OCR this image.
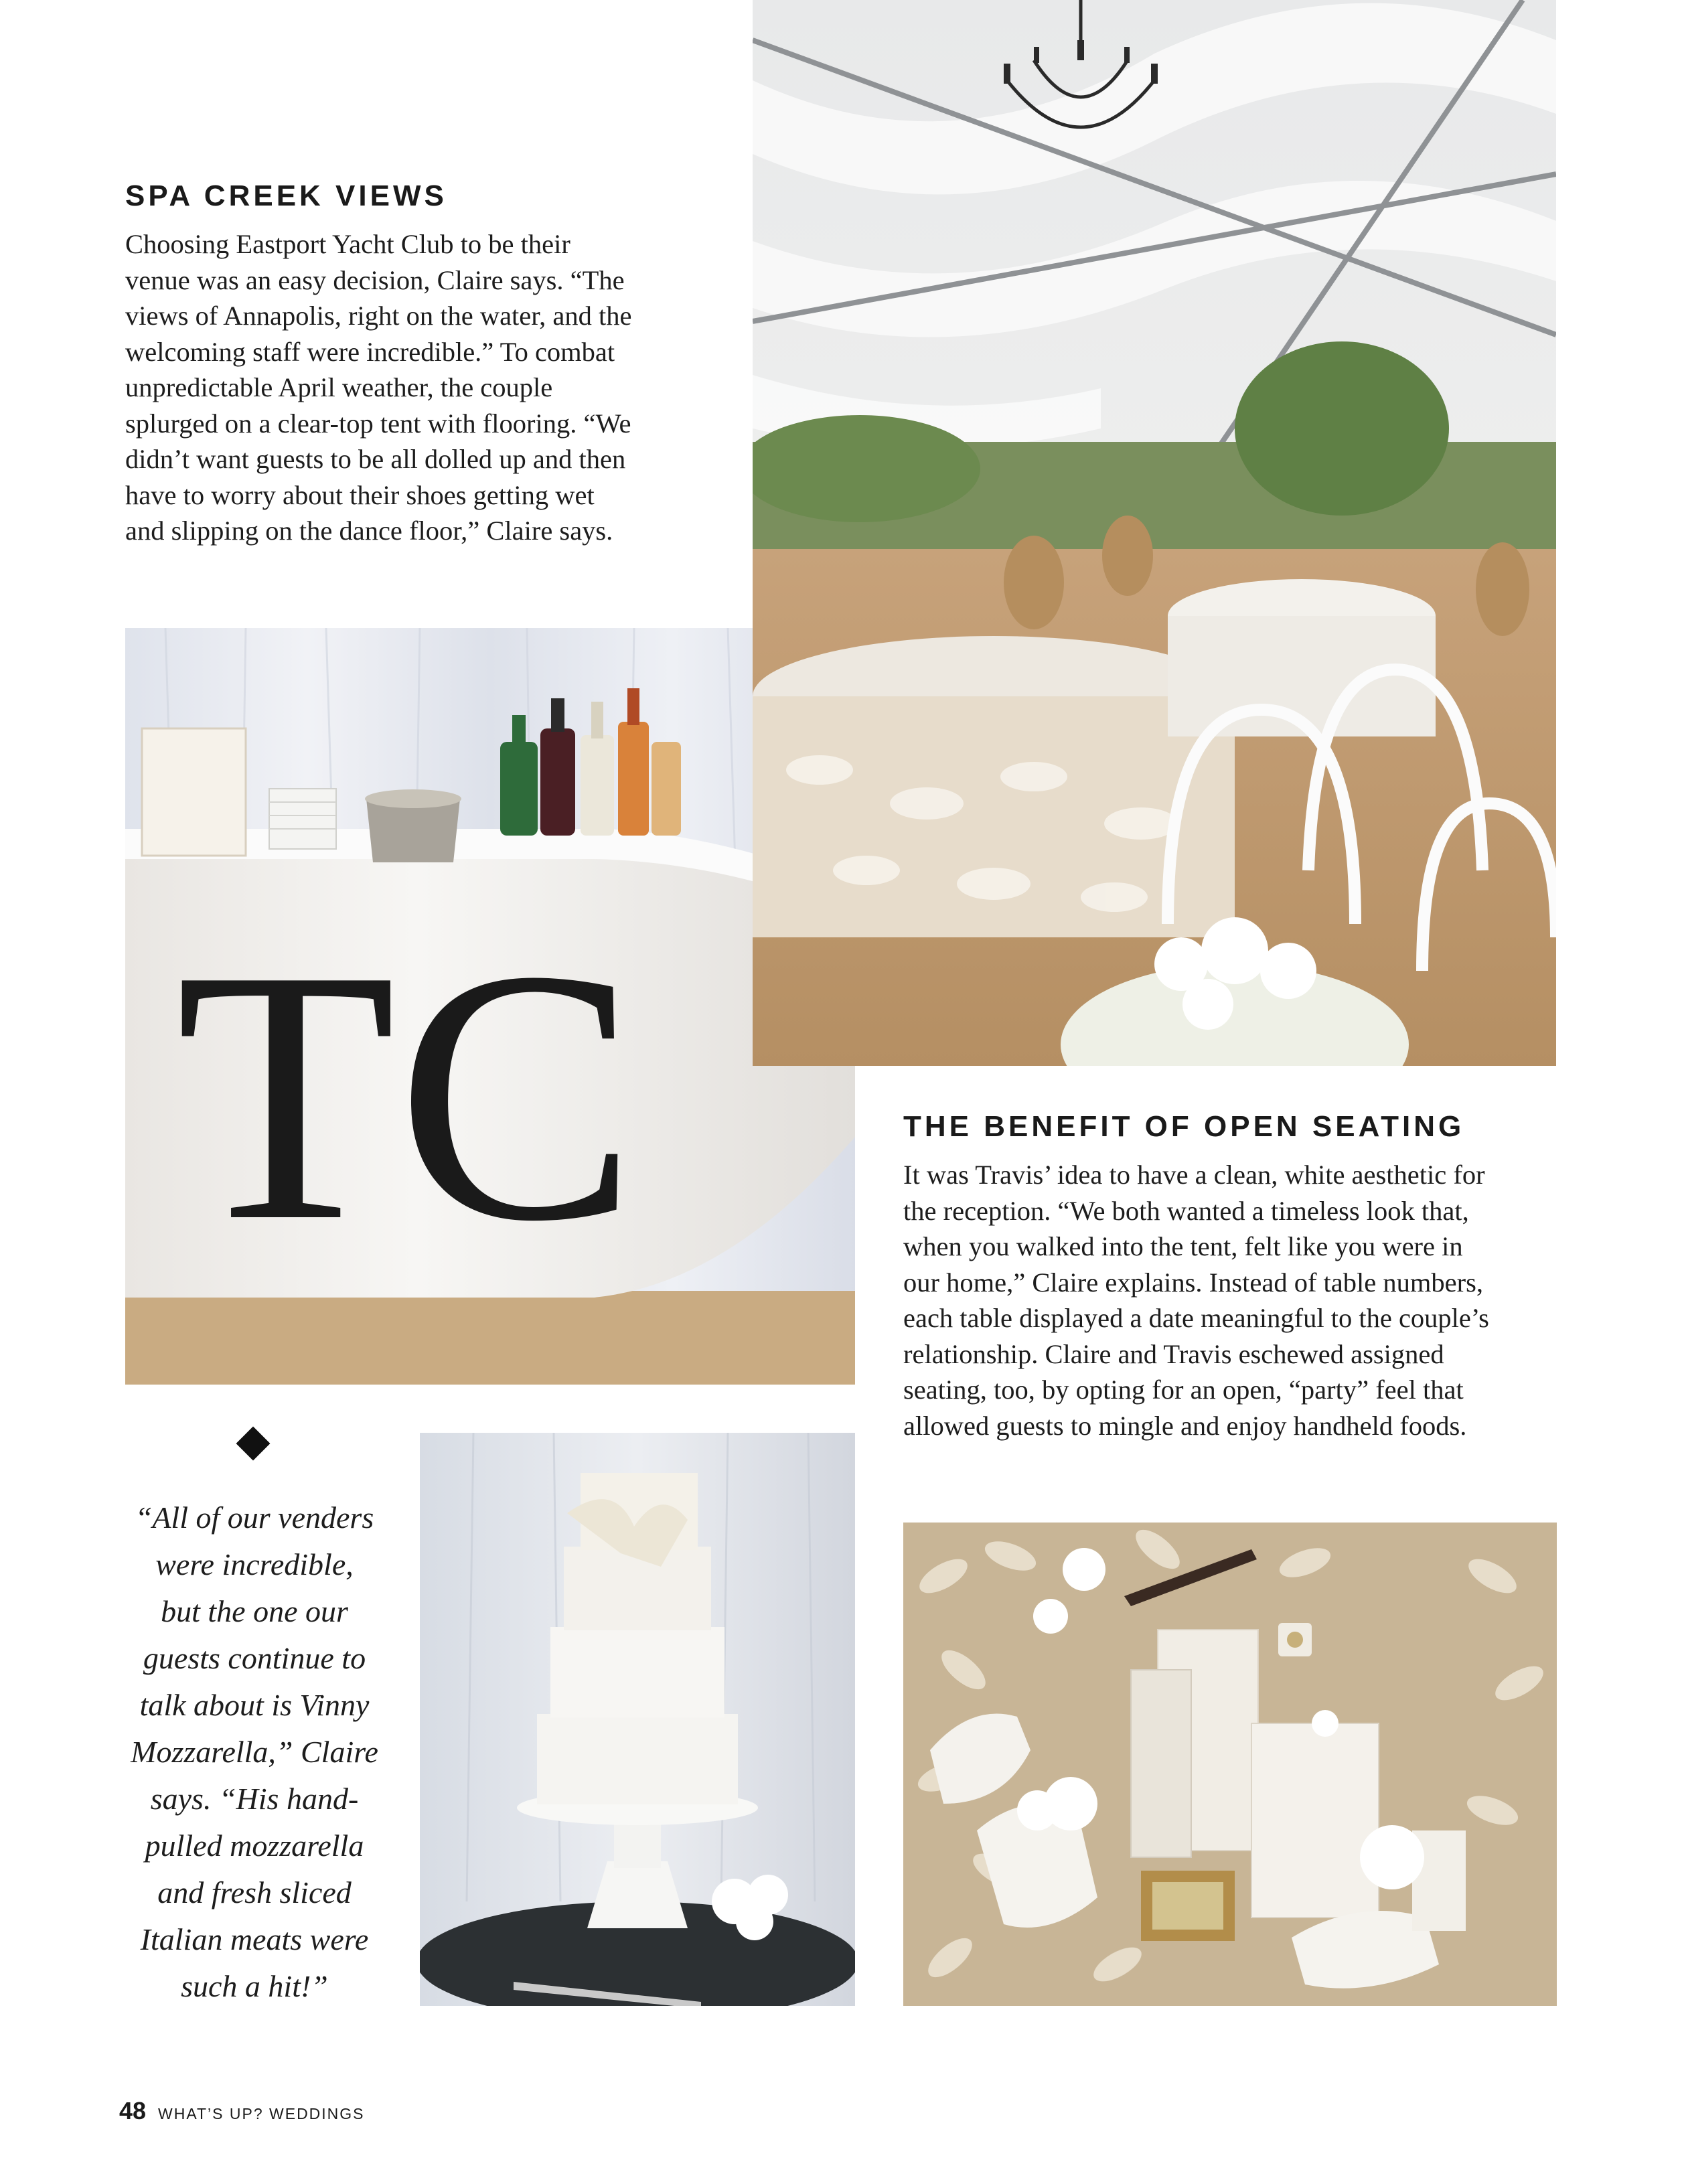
SPA CREEK VIEWS

Choosing Eastport Yacht Club to be their

venue was an easy decision, Claire says. “The

views of Annapolis, right on the water, and the

welcoming staff were incredible.” To combat

unpredictable April weather, the couple

splurged on a clear-top tent with flooring. “We

didn’t want guests to be all dolled up and then

have to worry about their shoes getting wet

and slipping on the dance floor,” Claire says.

TC	THE BENEFIT OF OPEN SEATING

It was Travis’ idea to have a clean, white aesthetic for

the reception. “We both wanted a timeless look that,

when you walked into the tent, felt like you were in

our home,” Claire explains. Instead of table numbers,

each table displayed a date meaningful to the couple’s

relationship. Claire and Travis eschewed assigned

seating, too, by opting for an open, “party” feel that

allowed guests to mingle and enjoy handheld foods.

“All of our venders

were incredible,

but the one our

guests continue to

talk about is Vinny

Mozzarella,” Claire

says. “His hand-

pulled mozzarella

and fresh sliced

Italian meats were

such a hit!”

48 WHAT’S UP? WEDDINGS
